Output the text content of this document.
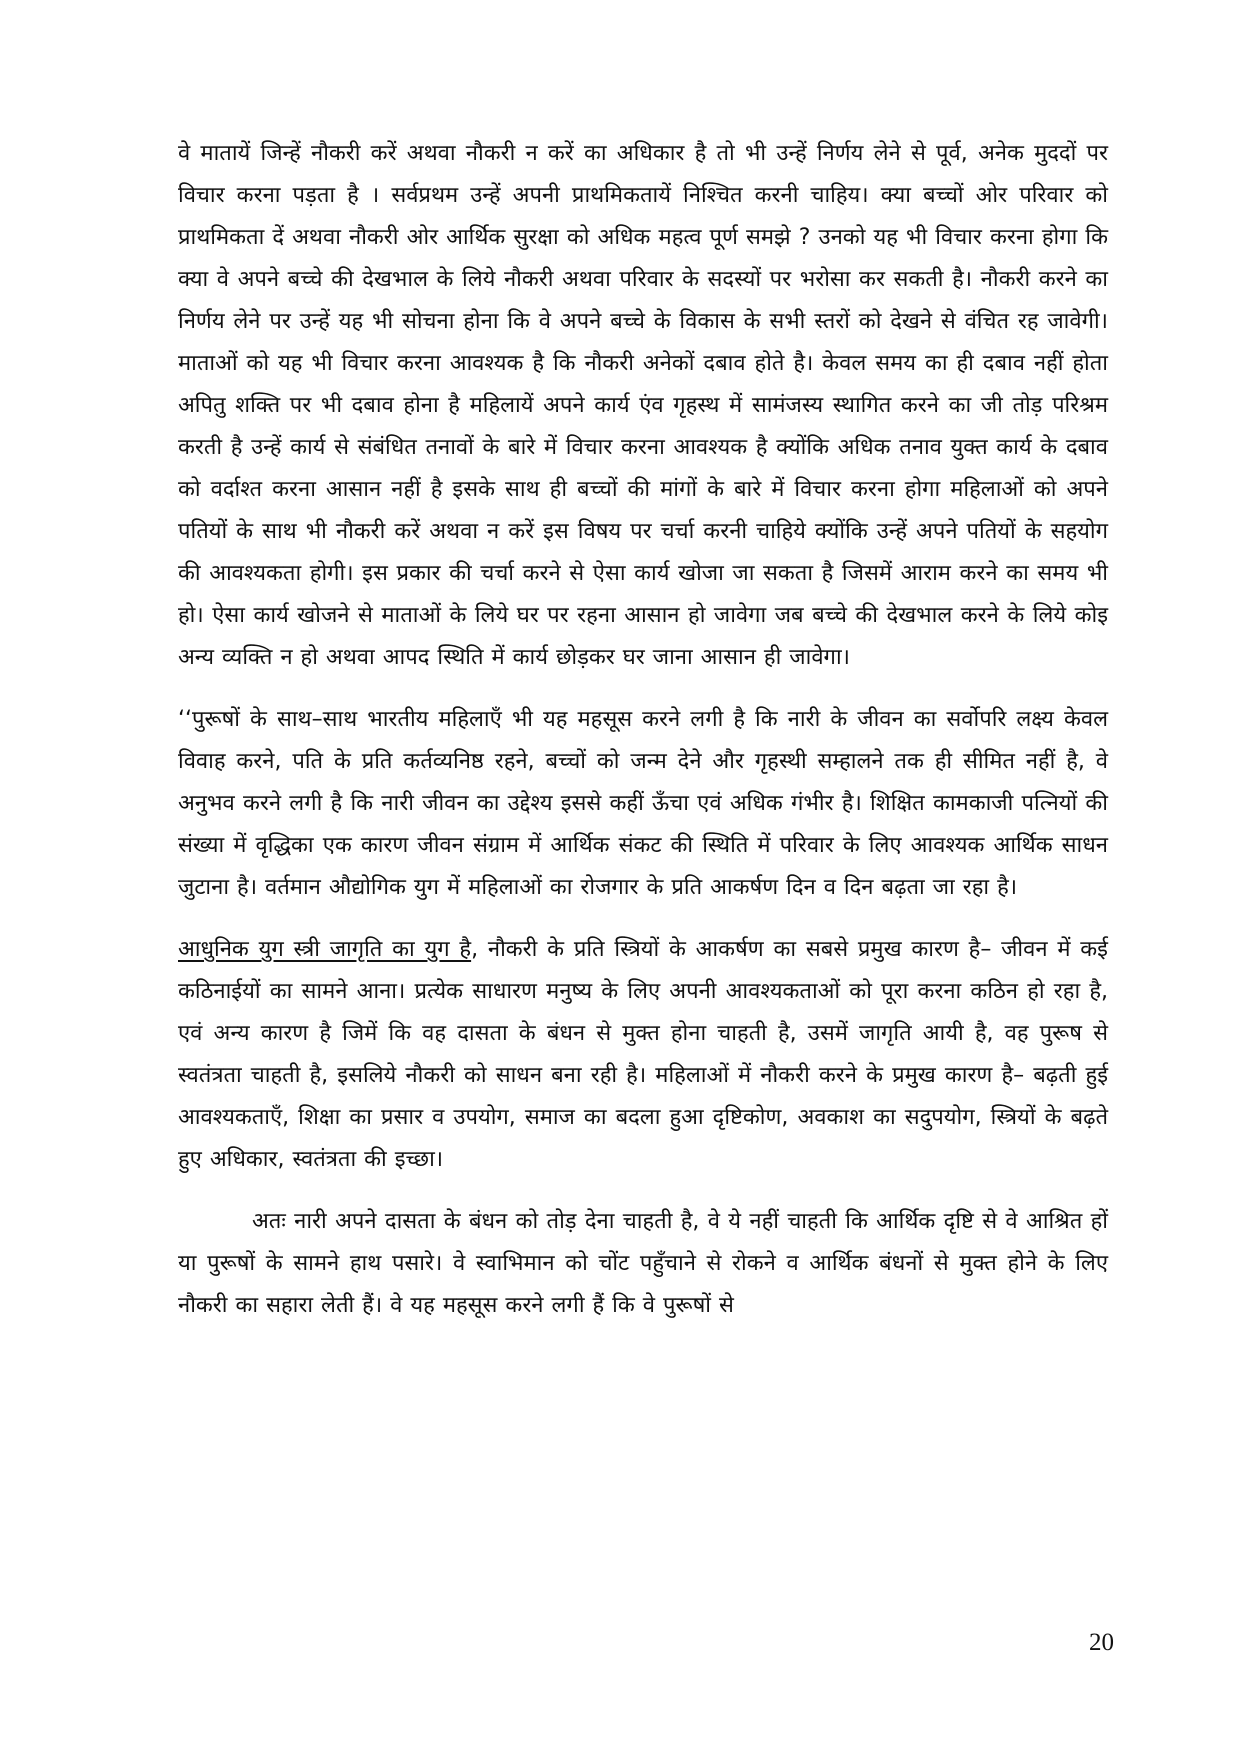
वे मातायें जिन्हें नौकरी करें अथवा नौकरी न करें का अधिकार है तो भी उन्हें निर्णय लेने से पूर्व, अनेक मुददों पर विचार करना पड़ता है । सर्वप्रथम उन्हें अपनी प्राथमिकतायें निश्चित करनी चाहिय। क्या बच्चों ओर परिवार को प्राथमिकता दें अथवा नौकरी ओर आर्थिक सुरक्षा को अधिक महत्व पूर्ण समझे ? उनको यह भी विचार करना होगा कि क्या वे अपने बच्चे की देखभाल के लिये नौकरी अथवा परिवार के सदस्यों पर भरोसा कर सकती है। नौकरी करने का निर्णय लेने पर उन्हें यह भी सोचना होना कि वे अपने बच्चे के विकास के सभी स्तरों को देखने से वंचित रह जावेगी। माताओं को यह भी विचार करना आवश्यक है कि नौकरी अनेकों दबाव होते है। केवल समय का ही दबाव नहीं होता अपितु शक्ति पर भी दबाव होना है महिलायें अपने कार्य एंव गृहस्थ में सामंजस्य स्थागित करने का जी तोड़ परिश्रम करती है उन्हें कार्य से संबंधित तनावों के बारे में विचार करना आवश्यक है क्योंकि अधिक तनाव युक्त कार्य के दबाव को वर्दाश्त करना आसान नहीं है इसके साथ ही बच्चों की मांगों के बारे में विचार करना होगा महिलाओं को अपने पतियों के साथ भी नौकरी करें अथवा न करें इस विषय पर चर्चा करनी चाहिये क्योंकि उन्हें अपने पतियों के सहयोग की आवश्यकता होगी। इस प्रकार की चर्चा करने से ऐसा कार्य खोजा जा सकता है जिसमें आराम करने का समय भी हो। ऐसा कार्य खोजने से माताओं के लिये घर पर रहना आसान हो जावेगा जब बच्चे की देखभाल करने के लिये कोइ अन्य व्यक्ति न हो अथवा आपद स्थिति में कार्य छोड़कर घर जाना आसान ही जावेगा।

‘‘पुरूषों के साथ–साथ भारतीय महिलाएँ भी यह महसूस करने लगी है कि नारी के जीवन का सर्वोपरि लक्ष्य केवल विवाह करने, पति के प्रति कर्तव्यनिष्ठ रहने, बच्चों को जन्म देने और गृहस्थी सम्हालने तक ही सीमित नहीं है, वे अनुभव करने लगी है कि नारी जीवन का उद्देश्य इससे कहीं ऊँचा एवं अधिक गंभीर है। शिक्षित कामकाजी पत्नियों की संख्या में वृद्धिका एक कारण जीवन संग्राम में आर्थिक संकट की स्थिति में परिवार के लिए आवश्यक आर्थिक साधन जुटाना है। वर्तमान औद्योगिक युग में महिलाओं का रोजगार के प्रति आकर्षण दिन व दिन बढ़ता जा रहा है।

आधुनिक युग स्त्री जागृति का युग है, नौकरी के प्रति स्त्रियों के आकर्षण का सबसे प्रमुख कारण है– जीवन में कई कठिनाईयों का सामने आना। प्रत्येक साधारण मनुष्य के लिए अपनी आवश्यकताओं को पूरा करना कठिन हो रहा है, एवं अन्य कारण है जिमें कि वह दासता के बंधन से मुक्त होना चाहती है, उसमें जागृति आयी है, वह पुरूष से स्वतंत्रता चाहती है, इसलिये नौकरी को साधन बना रही है। महिलाओं में नौकरी करने के प्रमुख कारण है– बढ़ती हुई आवश्यकताएँ, शिक्षा का प्रसार व उपयोग, समाज का बदला हुआ दृष्टिकोण, अवकाश का सदुपयोग, स्त्रियों के बढ़ते हुए अधिकार, स्वतंत्रता की इच्छा।

अतः नारी अपने दासता के बंधन को तोड़ देना चाहती है, वे ये नहीं चाहती कि आर्थिक दृष्टि से वे आश्रित हों या पुरूषों के सामने हाथ पसारे। वे स्वाभिमान को चोंट पहुँचाने से रोकने व आर्थिक बंधनों से मुक्त होने के लिए नौकरी का सहारा लेती हैं। वे यह महसूस करने लगी हैं कि वे पुरूषों से

20
